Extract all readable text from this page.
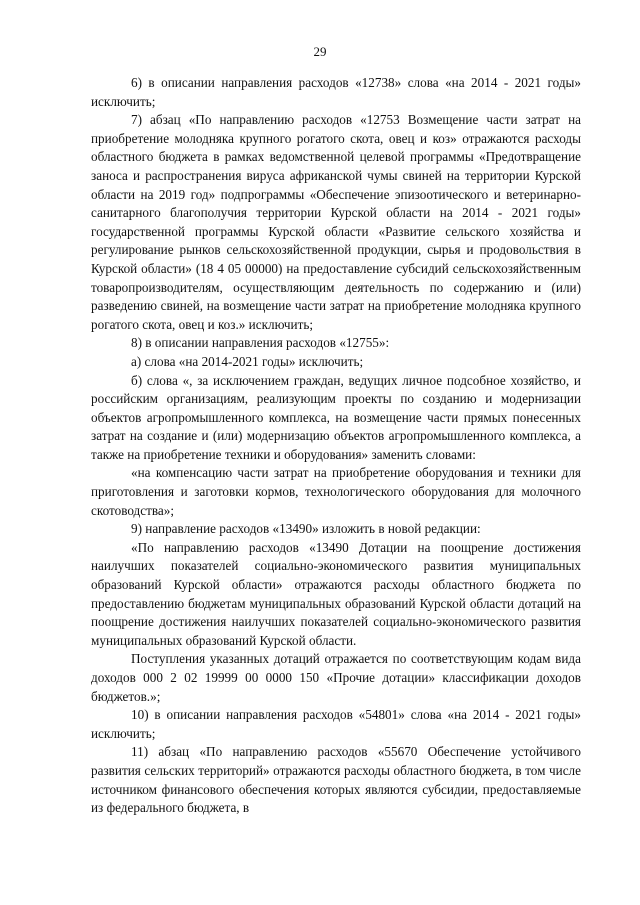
29

6) в описании направления расходов «12738» слова «на 2014 - 2021 годы» исключить;

7) абзац «По направлению расходов «12753 Возмещение части затрат на приобретение молодняка крупного рогатого скота, овец и коз» отражаются расходы областного бюджета в рамках ведомственной целевой программы «Предотвращение заноса и распространения вируса африканской чумы свиней на территории Курской области на 2019 год» подпрограммы «Обеспечение эпизоотического и ветеринарно-санитарного благополучия территории Курской области на 2014 - 2021 годы» государственной программы Курской области «Развитие сельского хозяйства и регулирование рынков сельскохозяйственной продукции, сырья и продовольствия в Курской области» (18 4 05 00000) на предоставление субсидий сельскохозяйственным товаропроизводителям, осуществляющим деятельность по содержанию и (или) разведению свиней, на возмещение части затрат на приобретение молодняка крупного рогатого скота, овец и коз.» исключить;

8) в описании направления расходов «12755»:

а) слова «на 2014-2021 годы» исключить;

б) слова «, за исключением граждан, ведущих личное подсобное хозяйство, и российским организациям, реализующим проекты по созданию и модернизации объектов агропромышленного комплекса, на возмещение части прямых понесенных затрат на создание и (или) модернизацию объектов агропромышленного комплекса, а также на приобретение техники и оборудования» заменить словами:

«на компенсацию части затрат на приобретение оборудования и техники для приготовления и заготовки кормов, технологического оборудования для молочного скотоводства»;

9) направление расходов «13490» изложить в новой редакции:

«По направлению расходов «13490 Дотации на поощрение достижения наилучших показателей социально-экономического развития муниципальных образований Курской области» отражаются расходы областного бюджета по предоставлению бюджетам муниципальных образований Курской области дотаций на поощрение достижения наилучших показателей социально-экономического развития муниципальных образований Курской области.

Поступления указанных дотаций отражается по соответствующим кодам вида доходов 000 2 02 19999 00 0000 150 «Прочие дотации» классификации доходов бюджетов.»;

10) в описании направления расходов «54801» слова «на 2014 - 2021 годы» исключить;

11) абзац «По направлению расходов «55670 Обеспечение устойчивого развития сельских территорий» отражаются расходы областного бюджета, в том числе источником финансового обеспечения которых являются субсидии, предоставляемые из федерального бюджета, в
